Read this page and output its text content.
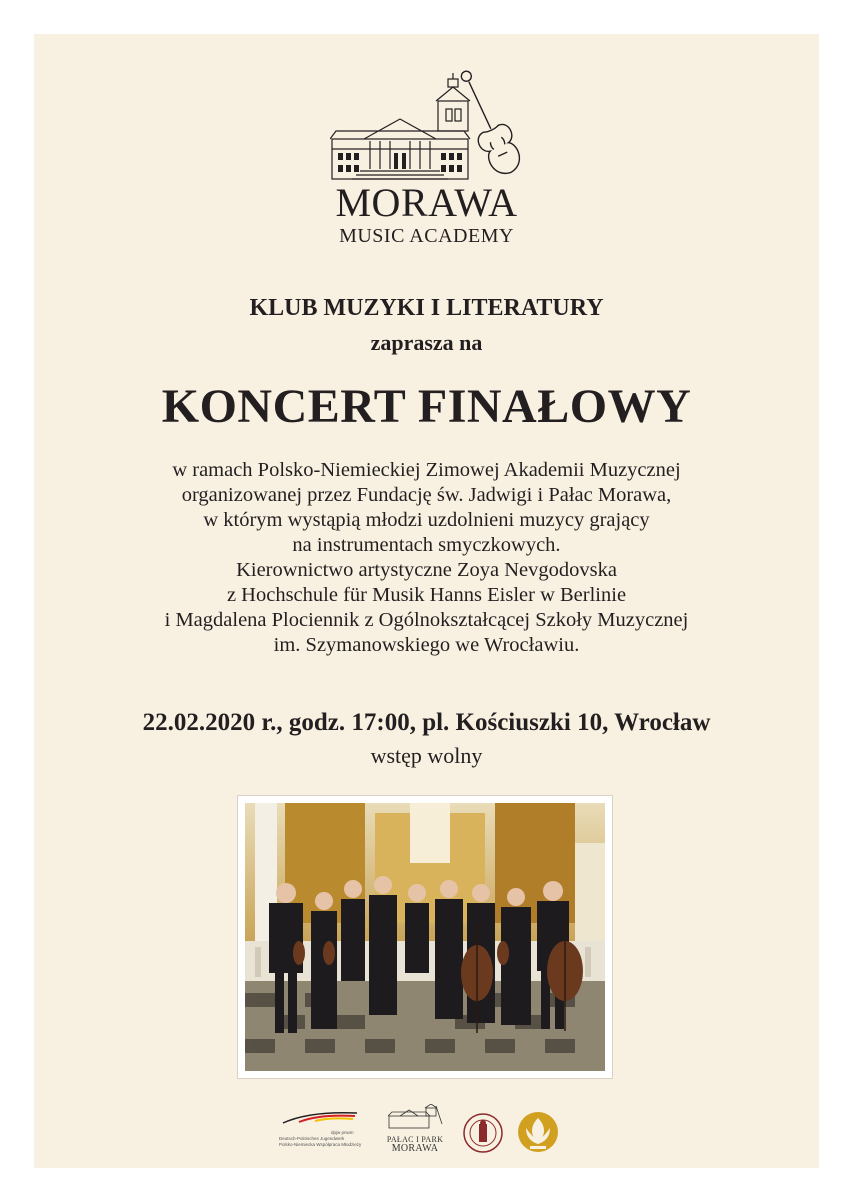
MORAWA
MUSIC ACADEMY
KLUB MUZYKI I LITERATURY
zaprasza na
KONCERT FINAŁOWY
w ramach Polsko-Niemieckiej Zimowej Akademii Muzycznej
organizowanej przez Fundację św. Jadwigi i Pałac Morawa,
w którym wystąpią młodzi uzdolnieni muzycy grający
na instrumentach smyczkowych.
Kierownictwo artystyczne Zoya Nevgodovska
z Hochschule für Musik Hanns Eisler w Berlinie
i Magdalena Plociennik z Ogólnokształcącej Szkoły Muzycznej
im. Szymanowskiego we Wrocławiu.
22.02.2020 r., godz. 17:00, pl. Kościuszki 10, Wrocław
wstęp wolny
dpjw pnwm
Deutsch-Polnisches Jugendwerk
Polsko-Niemiecka Współpraca Młodzieży
PAŁAC I PARK
MORAWA
